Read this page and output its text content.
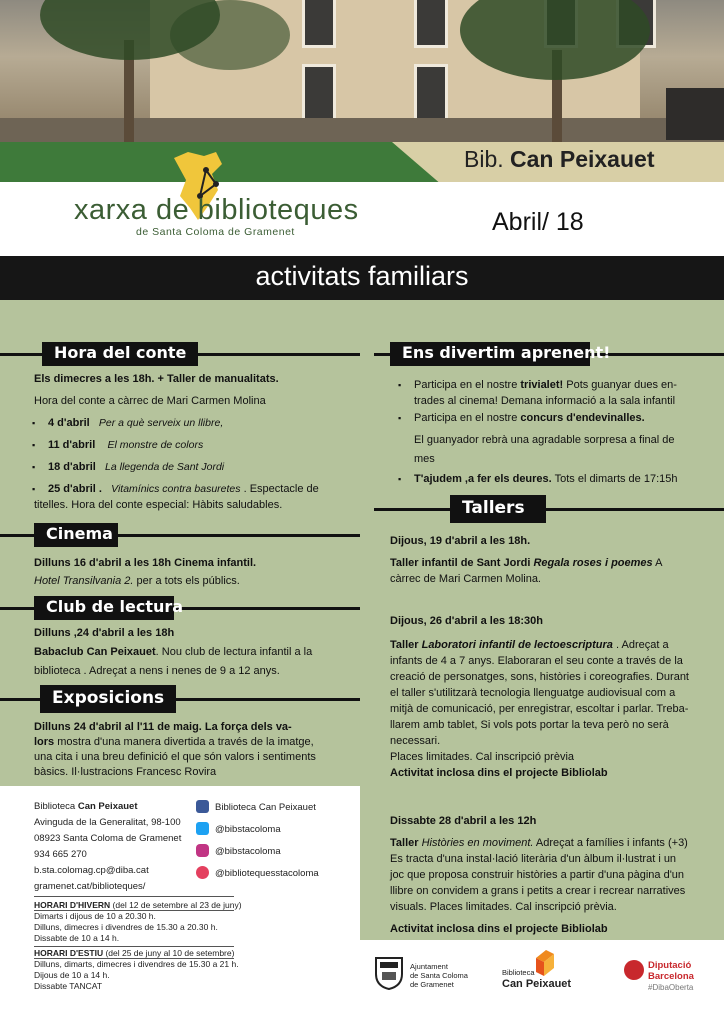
Bib. Can Peixauet
Abril/ 18
xarxa de biblioteques
de Santa Coloma de Gramenet
activitats familiars
Hora del conte
Els dimecres a les 18h. + Taller de manualitats.
Hora del conte a càrrec de Mari Carmen Molina
▪ 4 d'abril Per a què serveix un llibre,
▪ 11 d'abril El monstre de colors
▪ 18 d'abril La llegenda de Sant Jordi
▪ 25 d'abril . Vitamínics contra basuretes . Espectacle de
titelles. Hora del conte especial: Hàbits saludables.
Cinema
Dilluns 16 d'abril a les 18h Cinema infantil.
Hotel Transilvania 2. per a tots els públics.
Club de lectura
Dilluns ,24 d'abril a les 18h
Babaclub Can Peixauet. Nou club de lectura infantil a la
biblioteca . Adreçat a nens i nenes de 9 a 12 anys.
Exposicions
Dilluns 24 d'abril al l'11 de maig. La força dels va-
lors mostra d'una manera divertida a través de la imatge,
una cita i una breu definició el que són valors i sentiments
bàsics. Il·lustracions Francesc Rovira
Ens divertim aprenent!
▪ Participa en el nostre trivialet! Pots guanyar dues en-
trades al cinema! Demana informació a la sala infantil
▪ Participa en el nostre concurs d'endevinalles.
El guanyador rebrà una agradable sorpresa a final de
mes
▪ T'ajudem ,a fer els deures. Tots el dimarts de 17:15h
Tallers
Dijous, 19 d'abril a les 18h.
Taller infantil de Sant Jordi Regala roses i poemes A
càrrec de Mari Carmen Molina.
Dijous, 26 d'abril a les 18:30h
Taller Laboratori infantil de lectoescriptura . Adreçat a
infants de 4 a 7 anys. Elaboraran el seu conte a través de la
creació de personatges, sons, històries i coreografies. Durant
el taller s'utilitzarà tecnologia llenguatge audiovisual com a
mitjà de comunicació, per enregistrar, escoltar i parlar. Treba-
llarem amb tablet, Si vols pots portar la teva però no serà
necessari.
Places limitades. Cal inscripció prèvia
Activitat inclosa dins el projecte Bibliolab
Dissabte 28 d'abril a les 12h
Taller Històries en moviment. Adreçat a famílies i infants (+3)
Es tracta d'una instal·lació literària d'un àlbum il·lustrat i un
joc que proposa construir històries a partir d'una pàgina d'un
llibre on convidem a grans i petits a crear i recrear narratives
visuals. Places limitades. Cal inscripció prèvia.
Activitat inclosa dins el projecte Bibliolab
Biblioteca Can Peixauet
Avinguda de la Generalitat, 98-100
08923 Santa Coloma de Gramenet
934 665 270
b.sta.colomag.cp@diba.cat
gramenet.cat/biblioteques/
Biblioteca Can Peixauet
@bibstacoloma
@bibstacoloma
@bibliotequesstacoloma
HORARI D'HIVERN (del 12 de setembre al 23 de juny)
Dimarts i dijous de 10 a 20.30 h.
Dilluns, dimecres i divendres de 15.30 a 20.30 h.
Dissabte de 10 a 14 h.
HORARI D'ESTIU (del 25 de juny al 10 de setembre)
Dilluns, dimarts, dimecres i divendres de 15.30 a 21 h.
Dijous de 10 a 14 h.
Dissabte TANCAT
Ajuntament
de Santa Coloma
de Gramenet
Biblioteca
Can Peixauet
Diputació
Barcelona
#DibaOberta
